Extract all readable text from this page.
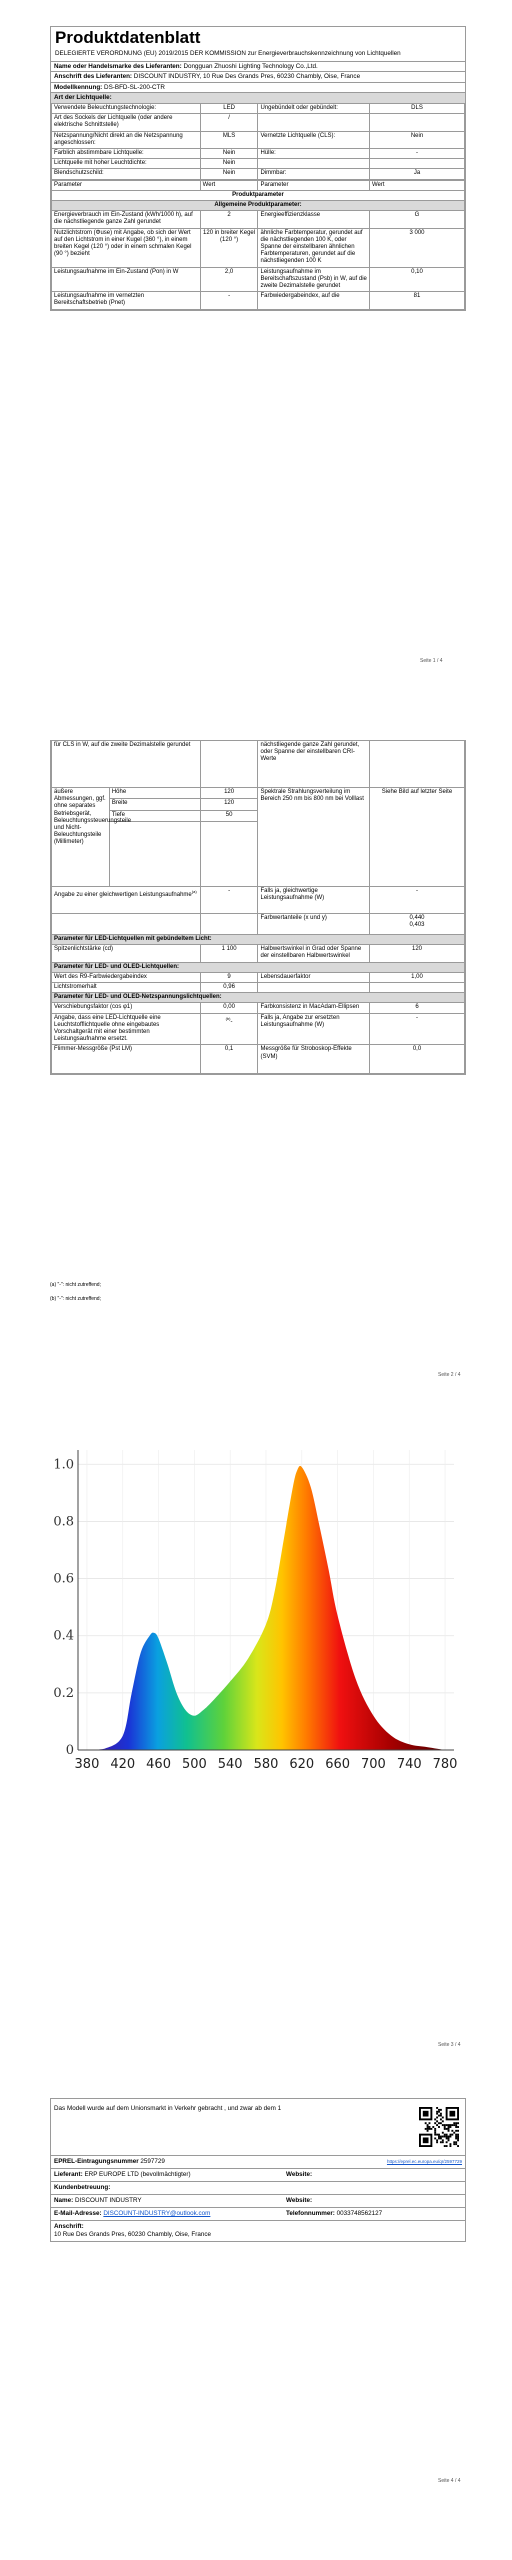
Produktdatenblatt
DELEGIERTE VERORDNUNG (EU) 2019/2015 DER KOMMISSION zur Energieverbrauchskennzeichnung von Lichtquellen
Name oder Handelsmarke des Lieferanten: Dongguan Zhuoshi Lighting Technology Co.,Ltd.
Anschrift des Lieferanten: DISCOUNT INDUSTRY, 10 Rue Des Grands Pres, 60230 Chambly, Oise, France
Modellkennung: DS-BFD-SL-200-CTR
Art der Lichtquelle:
Verwendete Beleuchtungstechnologie:	LED	Ungebündelt oder gebündelt:	DLS
Art des Sockels der Lichtquelle (oder andere elektrische Schnittstelle)	/		
Netzspannung/Nicht direkt an die Netzspannung angeschlossen:	MLS	Vernetzte Lichtquelle (CLS):	Nein
Farblich abstimmbare Lichtquelle:	Nein	Hülle:	-
Lichtquelle mit hoher Leuchtdichte:	Nein		
Blendschutzschild:	Nein	Dimmbar:	Ja
Parameter	Wert	Parameter	Wert
Produktparameter			
Allgemeine Produktparameter:			
Energieverbrauch im Ein-Zustand (kWh/1000 h), auf die nächstliegende ganze Zahl gerundet	2	Energieeffizienzklasse	G
Nutzlichtstrom (Φuse) mit Angabe, ob sich der Wert auf den Lichtstrom in einer Kugel (360 °), in einem breiten Kegel (120 °) oder in einem schmalen Kegel (90 °) bezieht	120 in breiter Kegel (120 °)	ähnliche Farbtemperatur, gerundet auf die nächstliegenden 100 K, oder Spanne der einstellbaren ähnlichen Farbtemperaturen, gerundet auf die nächstliegenden 100 K	3 000
Leistungsaufnahme im Ein-Zustand (Pon) in W	2,0	Leistungsaufnahme im Bereitschaftszustand (Psb) in W, auf die zweite Dezimalstelle gerundet	0,10
Leistungsaufnahme im vernetzten Bereitschaftsbetrieb (Pnet)	-	Farbwiedergabeindex, auf die	81
Seite 1 / 4
für CLS in W, auf die zweite Dezimalstelle gerundet			nächstliegende ganze Zahl gerundet, oder Spanne der einstellbaren CRI-Werte	
äußere Abmessungen, ggf. ohne separates Betriebsgerät, Beleuchtungssteuerungsteile und Nicht-Beleuchtungsteile (Millimeter)	Höhe	120	Spektrale Strahlungsverteilung im Bereich 250 nm bis 800 nm bei Volllast	Siehe Bild auf letzter Seite
	Breite	120		
	Tiefe	50		

Angabe zu einer gleichwertigen Leistungsaufnahme$^{(a)}$		-	Falls ja, gleichwertige Leistungsaufnahme (W)	-
			Farbwertanteile (x und y)	0,440
0,403

Parameter für LED-Lichtquellen mit gebündeltem Licht:				
Spitzenlichtstärke (cd)		1 100	Halbwertswinkel in Grad oder Spanne der einstellbaren Halbwertswinkel	120
Parameter für LED- und OLED-Lichtquellen:				
Wert des R9-Farbwiedergabeindex		9	Lebensdauerfaktor	1,00
Lichtstromerhalt		0,96		
Parameter für LED- und OLED-Netzspannungslichtquellen:				
Verschiebungsfaktor (cos φ1)		0,00	Farbkonsistenz in MacAdam-Ellipsen	6
Angabe, dass eine LED-Lichtquelle eine Leuchtstofflichtquelle ohne eingebautes Vorschaltgerät mit einer bestimmten Leistungsaufnahme ersetzt.		$^{(b)}$-	Falls ja, Angabe zur ersetzten Leistungsaufnahme (W)	-
Flimmer-Messgröße (Pst LM)		0,1	Messgröße für Stroboskop-Effekte (SVM)	0,0
(a) "-": nicht zutreffend;
(b) "-": nicht zutreffend;
Seite 2 / 4
0
0.2
0.4
0.6
0.8
1.0
380 420 460 500 540 580 620 660 700 740 780
Seite 3 / 4
Das Modell wurde auf dem Unionsmarkt in Verkehr gebracht , und zwar ab dem 1
EPREL-Eintragungsnummer 2597729	https://eprel.ec.europa.eu/qr/2597729
Lieferant: ERP EUROPE LTD (bevollmächtigter)	Website:
Kundenbetreuung:
Name: DISCOUNT INDUSTRY	Website:
E-Mail-Adresse: DISCOUNT-INDUSTRY@outlook.com	Telefonnummer: 0033748562127
Anschrift:
10 Rue Des Grands Pres, 60230 Chambly, Oise, France
Seite 4 / 4
